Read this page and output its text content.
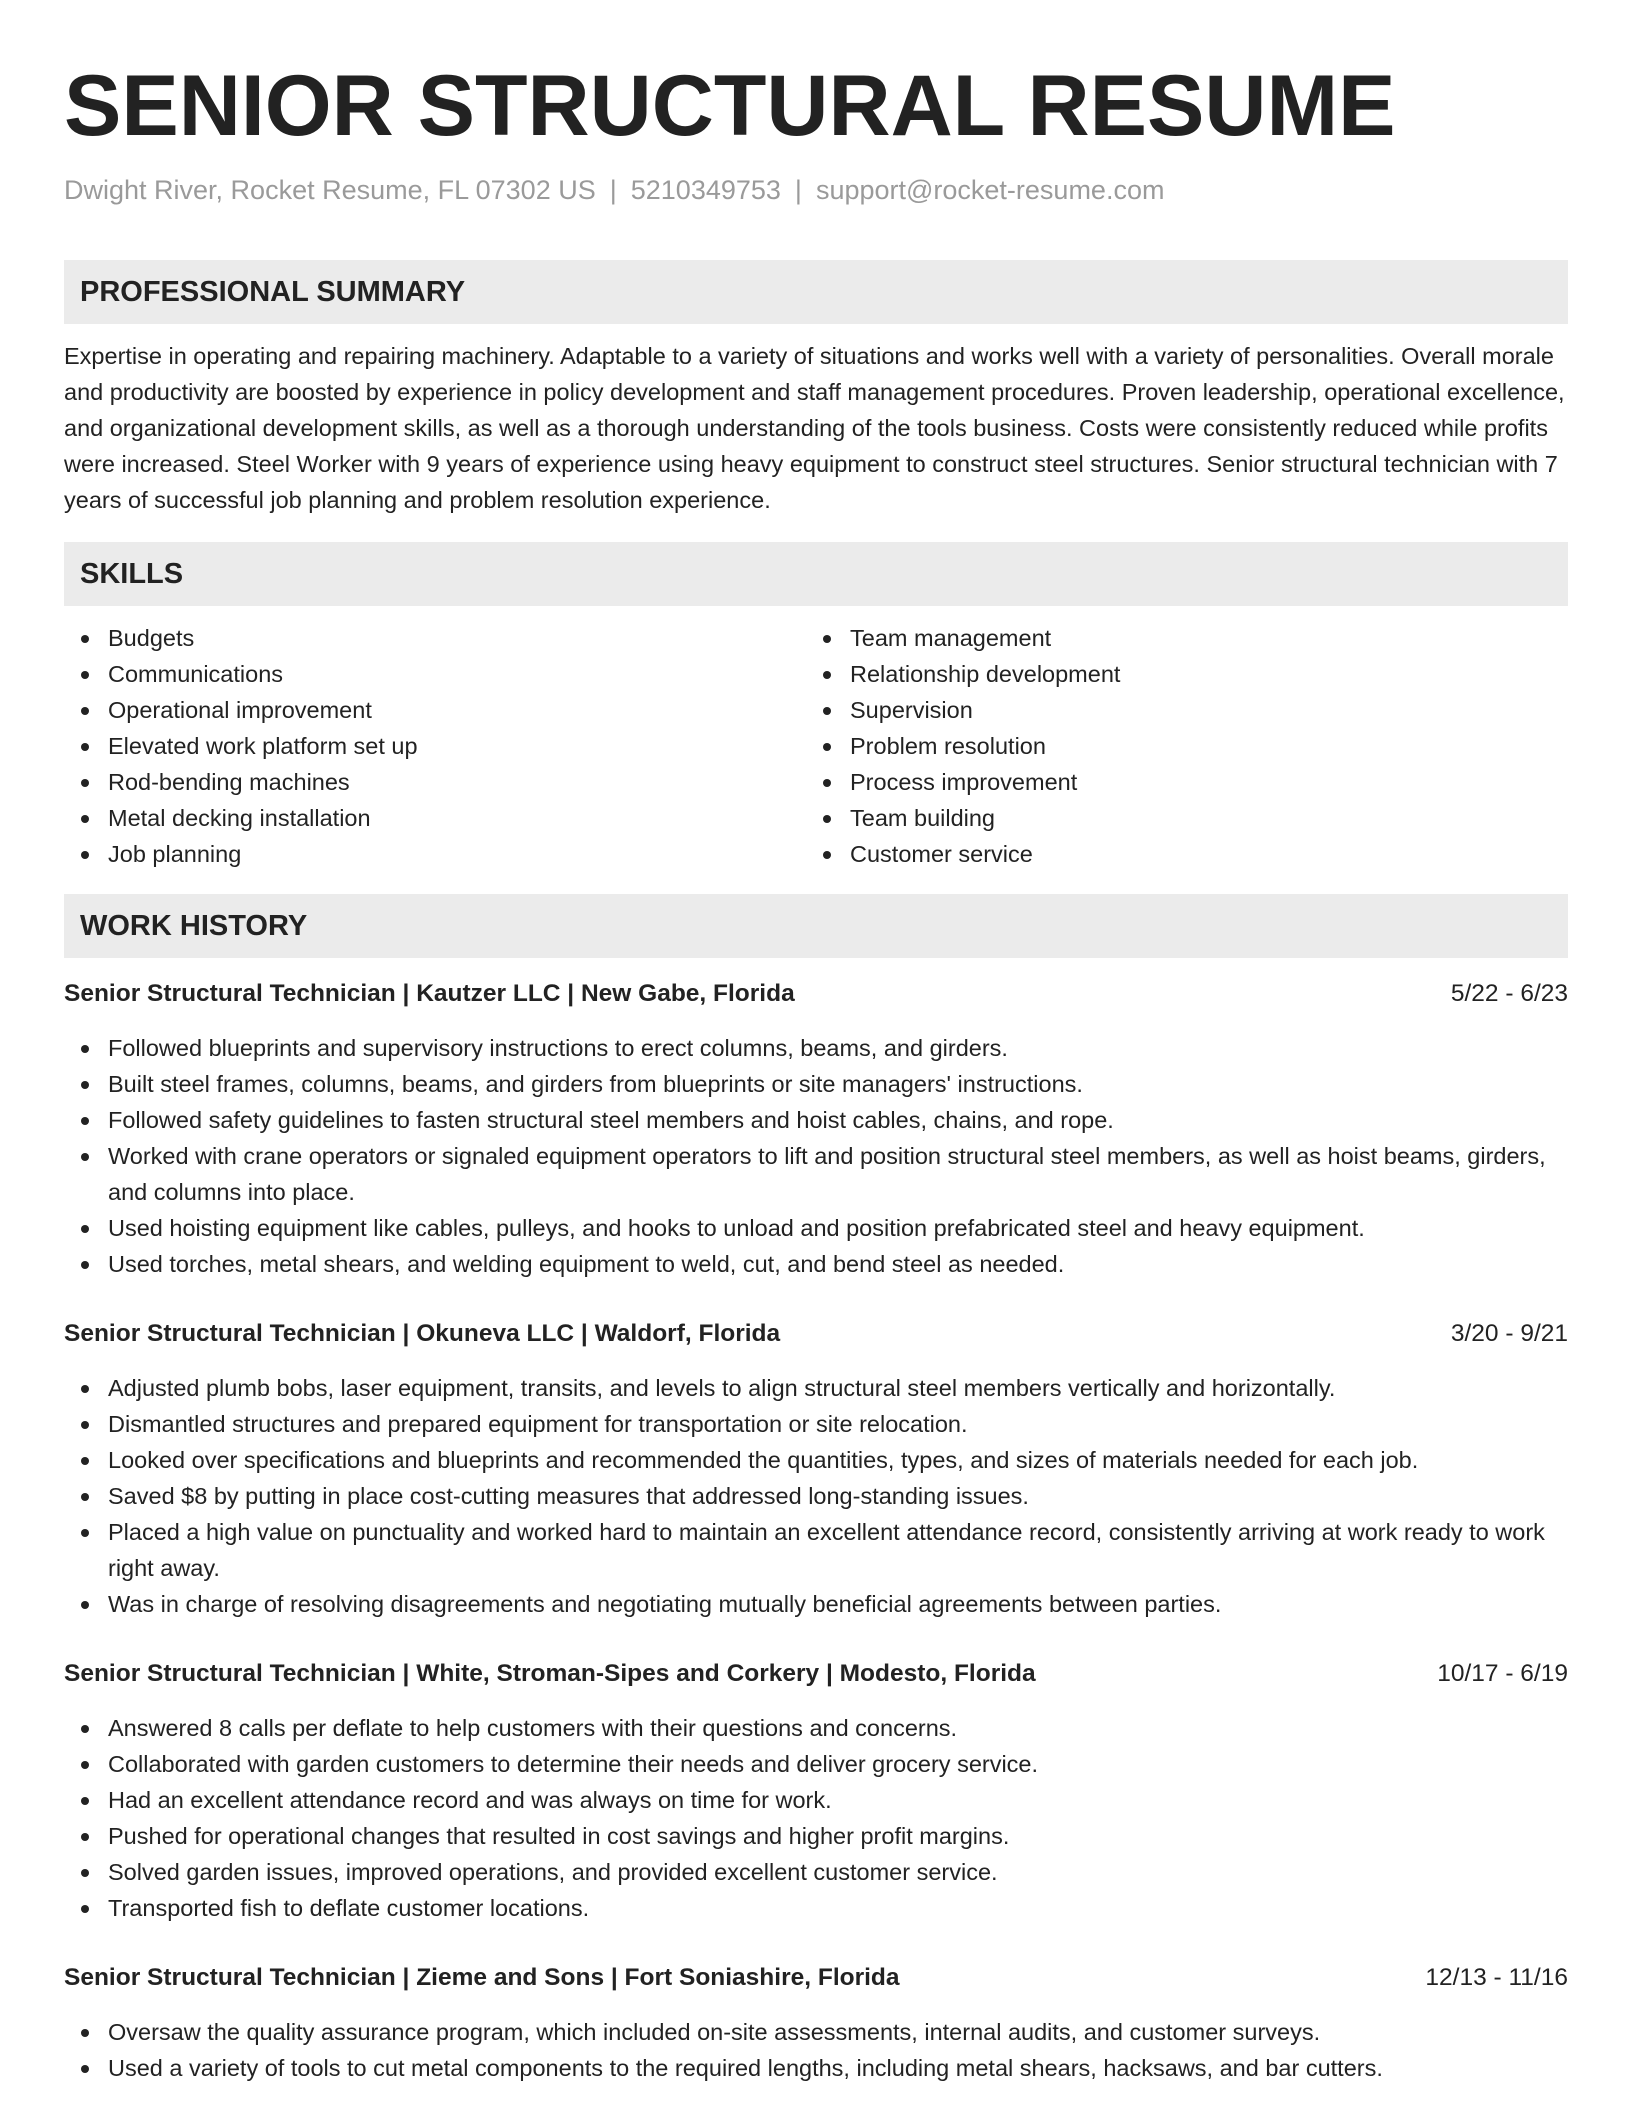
SENIOR STRUCTURAL RESUME
Dwight River, Rocket Resume, FL 07302 US | 5210349753 | support@rocket-resume.com
PROFESSIONAL SUMMARY
Expertise in operating and repairing machinery. Adaptable to a variety of situations and works well with a variety of personalities. Overall morale and productivity are boosted by experience in policy development and staff management procedures. Proven leadership, operational excellence, and organizational development skills, as well as a thorough understanding of the tools business. Costs were consistently reduced while profits were increased. Steel Worker with 9 years of experience using heavy equipment to construct steel structures. Senior structural technician with 7 years of successful job planning and problem resolution experience.
SKILLS
Budgets
Communications
Operational improvement
Elevated work platform set up
Rod-bending machines
Metal decking installation
Job planning
Team management
Relationship development
Supervision
Problem resolution
Process improvement
Team building
Customer service
WORK HISTORY
Senior Structural Technician | Kautzer LLC | New Gabe, Florida	5/22 - 6/23
Followed blueprints and supervisory instructions to erect columns, beams, and girders.
Built steel frames, columns, beams, and girders from blueprints or site managers' instructions.
Followed safety guidelines to fasten structural steel members and hoist cables, chains, and rope.
Worked with crane operators or signaled equipment operators to lift and position structural steel members, as well as hoist beams, girders, and columns into place.
Used hoisting equipment like cables, pulleys, and hooks to unload and position prefabricated steel and heavy equipment.
Used torches, metal shears, and welding equipment to weld, cut, and bend steel as needed.
Senior Structural Technician | Okuneva LLC | Waldorf, Florida	3/20 - 9/21
Adjusted plumb bobs, laser equipment, transits, and levels to align structural steel members vertically and horizontally.
Dismantled structures and prepared equipment for transportation or site relocation.
Looked over specifications and blueprints and recommended the quantities, types, and sizes of materials needed for each job.
Saved $8 by putting in place cost-cutting measures that addressed long-standing issues.
Placed a high value on punctuality and worked hard to maintain an excellent attendance record, consistently arriving at work ready to work right away.
Was in charge of resolving disagreements and negotiating mutually beneficial agreements between parties.
Senior Structural Technician | White, Stroman-Sipes and Corkery | Modesto, Florida	10/17 - 6/19
Answered 8 calls per deflate to help customers with their questions and concerns.
Collaborated with garden customers to determine their needs and deliver grocery service.
Had an excellent attendance record and was always on time for work.
Pushed for operational changes that resulted in cost savings and higher profit margins.
Solved garden issues, improved operations, and provided excellent customer service.
Transported fish to deflate customer locations.
Senior Structural Technician | Zieme and Sons | Fort Soniashire, Florida	12/13 - 11/16
Oversaw the quality assurance program, which included on-site assessments, internal audits, and customer surveys.
Used a variety of tools to cut metal components to the required lengths, including metal shears, hacksaws, and bar cutters.
